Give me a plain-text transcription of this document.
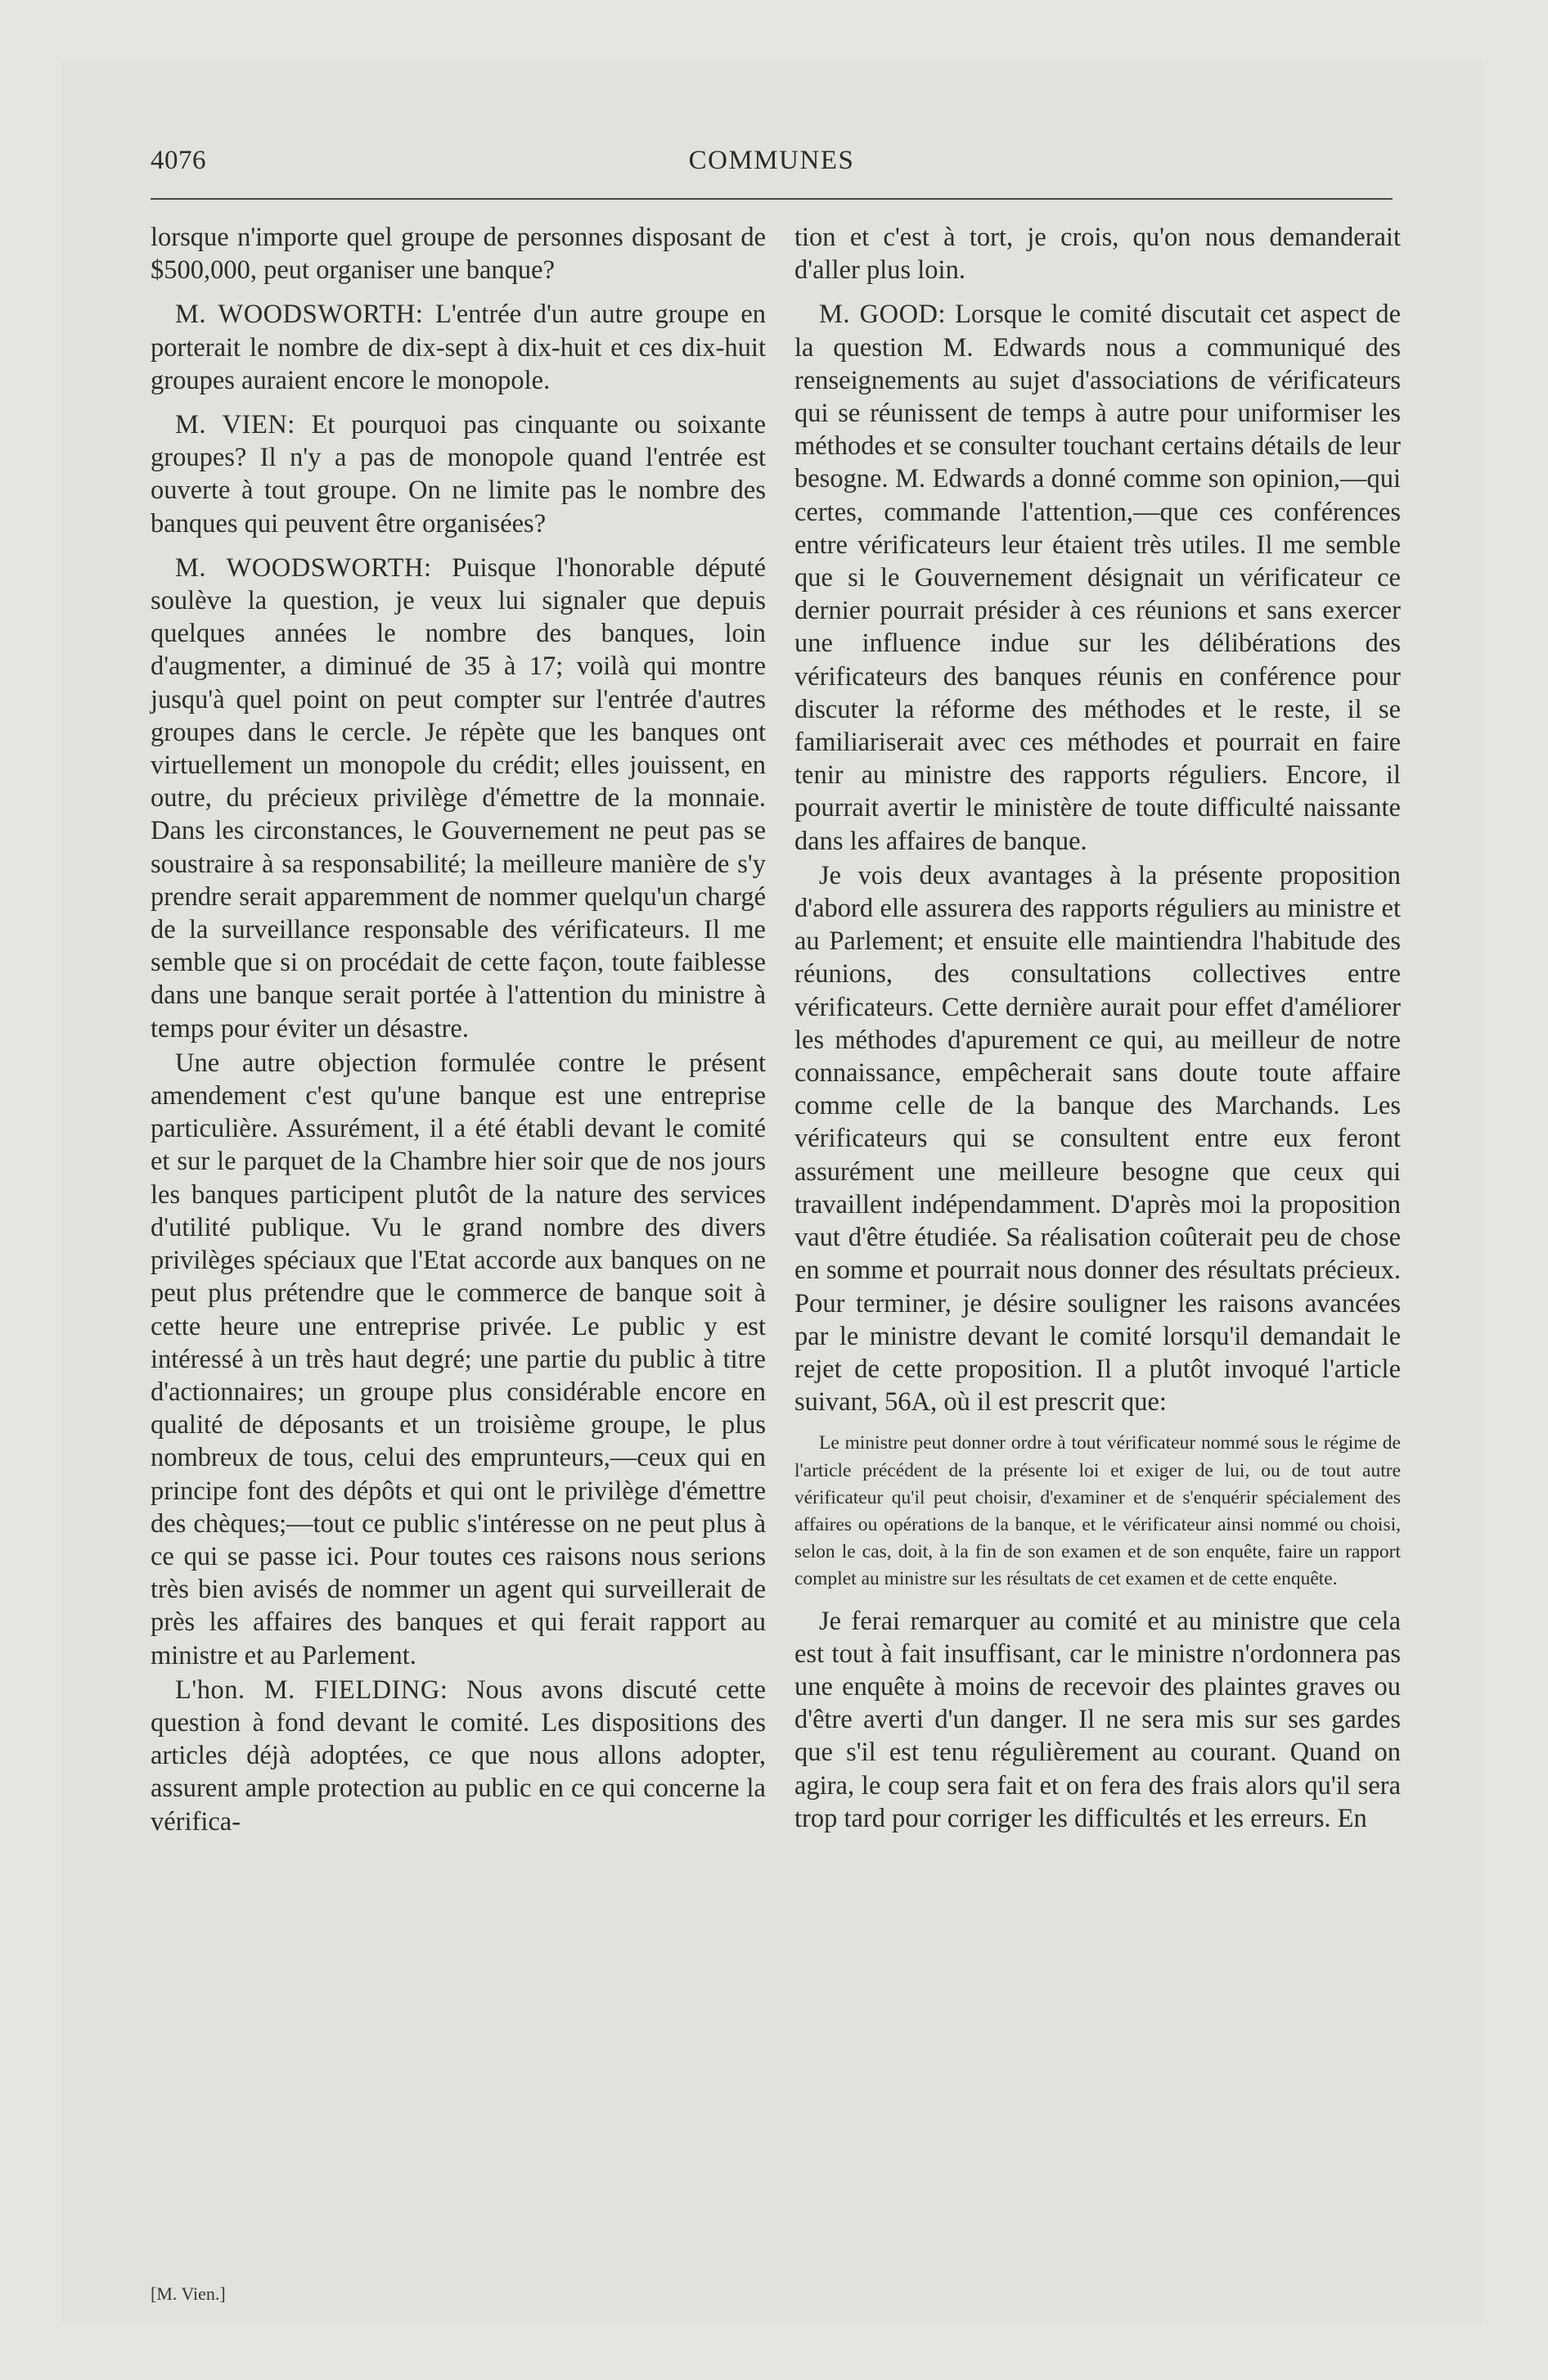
4076	COMMUNES

lorsque n'importe quel groupe de personnes disposant de $500,000, peut organiser une banque?

M. WOODSWORTH: L'entrée d'un autre groupe en porterait le nombre de dix-sept à dix-huit et ces dix-huit groupes auraient encore le monopole.

M. VIEN: Et pourquoi pas cinquante ou soixante groupes? Il n'y a pas de monopole quand l'entrée est ouverte à tout groupe. On ne limite pas le nombre des banques qui peuvent être organisées?

M. WOODSWORTH: Puisque l'honorable député soulève la question, je veux lui signaler que depuis quelques années le nombre des banques, loin d'augmenter, a diminué de 35 à 17; voilà qui montre jusqu'à quel point on peut compter sur l'entrée d'autres groupes dans le cercle. Je répète que les banques ont virtuellement un monopole du crédit; elles jouissent, en outre, du précieux privilège d'émettre de la monnaie. Dans les circonstances, le Gouvernement ne peut pas se soustraire à sa responsabilité; la meilleure manière de s'y prendre serait apparemment de nommer quelqu'un chargé de la surveillance responsable des vérificateurs. Il me semble que si on procédait de cette façon, toute faiblesse dans une banque serait portée à l'attention du ministre à temps pour éviter un désastre.

Une autre objection formulée contre le présent amendement c'est qu'une banque est une entreprise particulière. Assurément, il a été établi devant le comité et sur le parquet de la Chambre hier soir que de nos jours les banques participent plutôt de la nature des services d'utilité publique. Vu le grand nombre des divers privilèges spéciaux que l'Etat accorde aux banques on ne peut plus prétendre que le commerce de banque soit à cette heure une entreprise privée. Le public y est intéressé à un très haut degré; une partie du public à titre d'actionnaires; un groupe plus considérable encore en qualité de déposants et un troisième groupe, le plus nombreux de tous, celui des emprunteurs,—ceux qui en principe font des dépôts et qui ont le privilège d'émettre des chèques;—tout ce public s'intéresse on ne peut plus à ce qui se passe ici. Pour toutes ces raisons nous serions très bien avisés de nommer un agent qui surveillerait de près les affaires des banques et qui ferait rapport au ministre et au Parlement.

L'hon. M. FIELDING: Nous avons discuté cette question à fond devant le comité. Les dispositions des articles déjà adoptées, ce que nous allons adopter, assurent ample protection au public en ce qui concerne la vérifica-

tion et c'est à tort, je crois, qu'on nous demanderait d'aller plus loin.

M. GOOD: Lorsque le comité discutait cet aspect de la question M. Edwards nous a communiqué des renseignements au sujet d'associations de vérificateurs qui se réunissent de temps à autre pour uniformiser les méthodes et se consulter touchant certains détails de leur besogne. M. Edwards a donné comme son opinion,—qui certes, commande l'attention,—que ces conférences entre vérificateurs leur étaient très utiles. Il me semble que si le Gouvernement désignait un vérificateur ce dernier pourrait présider à ces réunions et sans exercer une influence indue sur les délibérations des vérificateurs des banques réunis en conférence pour discuter la réforme des méthodes et le reste, il se familiariserait avec ces méthodes et pourrait en faire tenir au ministre des rapports réguliers. Encore, il pourrait avertir le ministère de toute difficulté naissante dans les affaires de banque.

Je vois deux avantages à la présente proposition d'abord elle assurera des rapports réguliers au ministre et au Parlement; et ensuite elle maintiendra l'habitude des réunions, des consultations collectives entre vérificateurs. Cette dernière aurait pour effet d'améliorer les méthodes d'apurement ce qui, au meilleur de notre connaissance, empêcherait sans doute toute affaire comme celle de la banque des Marchands. Les vérificateurs qui se consultent entre eux feront assurément une meilleure besogne que ceux qui travaillent indépendamment. D'après moi la proposition vaut d'être étudiée. Sa réalisation coûterait peu de chose en somme et pourrait nous donner des résultats précieux. Pour terminer, je désire souligner les raisons avancées par le ministre devant le comité lorsqu'il demandait le rejet de cette proposition. Il a plutôt invoqué l'article suivant, 56A, où il est prescrit que:

Le ministre peut donner ordre à tout vérificateur nommé sous le régime de l'article précédent de la présente loi et exiger de lui, ou de tout autre vérificateur qu'il peut choisir, d'examiner et de s'enquérir spécialement des affaires ou opérations de la banque, et le vérificateur ainsi nommé ou choisi, selon le cas, doit, à la fin de son examen et de son enquête, faire un rapport complet au ministre sur les résultats de cet examen et de cette enquête.

Je ferai remarquer au comité et au ministre que cela est tout à fait insuffisant, car le ministre n'ordonnera pas une enquête à moins de recevoir des plaintes graves ou d'être averti d'un danger. Il ne sera mis sur ses gardes que s'il est tenu régulièrement au courant. Quand on agira, le coup sera fait et on fera des frais alors qu'il sera trop tard pour corriger les difficultés et les erreurs. En

[M. Vien.]
